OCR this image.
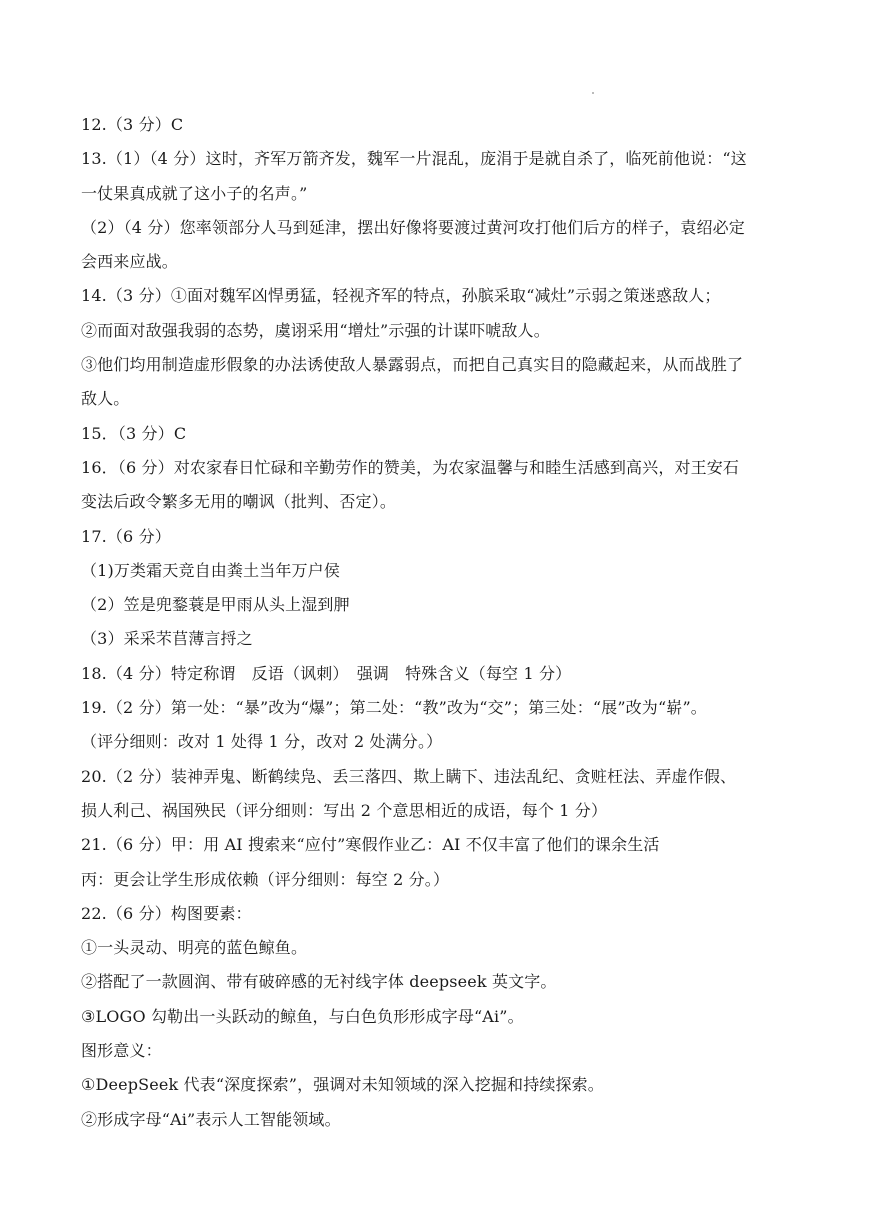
12.（3 分）C
13.（1）（4 分）这时，齐军万箭齐发，魏军一片混乱，庞涓于是就自杀了，临死前他说：“这
一仗果真成就了这小子的名声。”
（2）（4 分）您率领部分人马到延津，摆出好像将要渡过黄河攻打他们后方的样子，袁绍必定
会西来应战。
14.（3 分）①面对魏军凶悍勇猛，轻视齐军的特点，孙膑采取“减灶”示弱之策迷惑敌人；
②而面对敌强我弱的态势，虞诩采用“增灶”示强的计谋吓唬敌人。
③他们均用制造虚形假象的办法诱使敌人暴露弱点，而把自己真实目的隐藏起来，从而战胜了
敌人。
15．（3 分）C
16．（6 分）对农家春日忙碌和辛勤劳作的赞美，为农家温馨与和睦生活感到高兴，对王安石
变法后政令繁多无用的嘲讽（批判、否定）。
17.（6 分）
（1)万类霜天竞自由粪土当年万户侯
（2）笠是兜鍪蓑是甲雨从头上湿到胛
（3）采采芣苢薄言捋之
18.（4 分）特定称谓　反语（讽刺）　强调　特殊含义（每空 1 分）
19.（2 分）第一处：“暴”改为“爆”；第二处：“教”改为“交”；第三处：“展”改为“崭”。
（评分细则：改对 1 处得 1 分，改对 2 处满分。）
20.（2 分）装神弄鬼、断鹤续凫、丢三落四、欺上瞒下、违法乱纪、贪赃枉法、弄虚作假、
损人利己、祸国殃民（评分细则：写出 2 个意思相近的成语，每个 1 分）
21.（6 分）甲：用 AI 搜索来“应付”寒假作业乙：AI 不仅丰富了他们的课余生活
丙：更会让学生形成依赖（评分细则：每空 2 分。）
22.（6 分）构图要素：
①一头灵动、明亮的蓝色鲸鱼。
②搭配了一款圆润、带有破碎感的无衬线字体 deepseek 英文字。
③LOGO 勾勒出一头跃动的鲸鱼，与白色负形形成字母“Ai”。
图形意义：
①DeepSeek 代表“深度探索”，强调对未知领域的深入挖掘和持续探索。
②形成字母“Ai”表示人工智能领域。
